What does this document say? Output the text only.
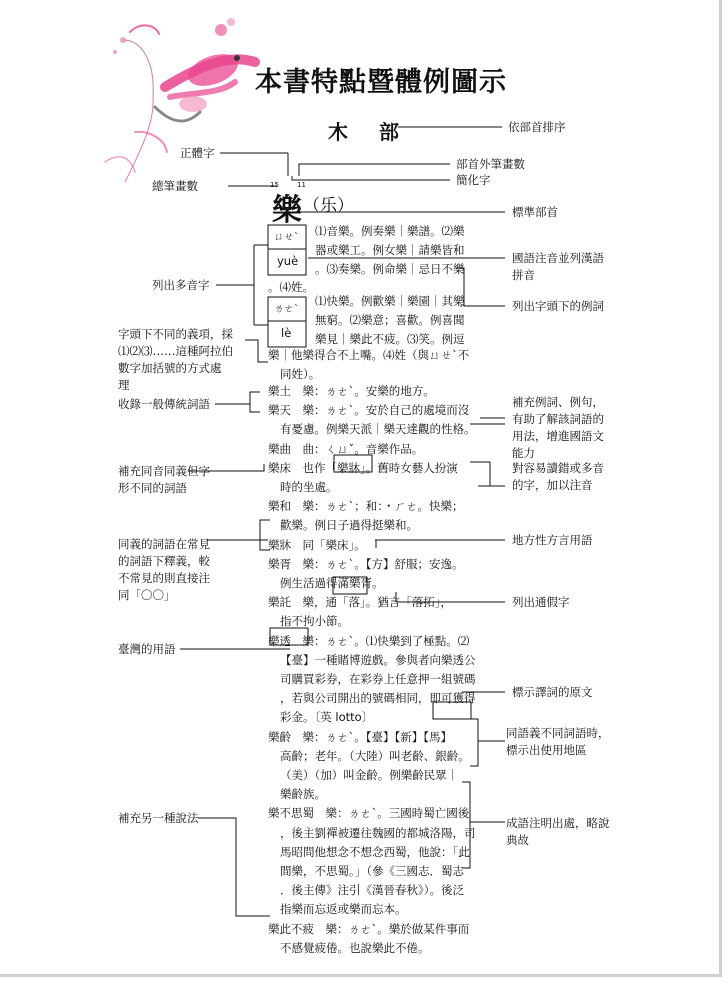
本書特點暨體例圖示
木 部
15	11
樂 （乐）
ㄩㄝˋ
yuè
ㄌㄜˋ
lè
⑴音樂。例奏樂｜樂譜。⑵樂
器或樂工。例女樂｜請樂皆和
。⑶奏樂。例命樂｜忌日不樂
。⑷姓。
⑴快樂。例歡樂｜樂園｜其樂
無窮。⑵樂意；喜歡。例喜聞
樂見｜樂此不疲。⑶笑。例逗
樂｜他樂得合不上嘴。⑷姓（與ㄩㄝˋ不
同姓）。
樂土　樂：ㄌㄜˋ。安樂的地方。
樂天　樂：ㄌㄜˋ。安於自己的處境而沒
有憂慮。例樂天派｜樂天達觀的性格。
樂曲　曲：ㄑㄩˇ。音樂作品。
樂床　也作「樂牀」。舊時女藝人扮演
時的坐處。
樂和　樂：ㄌㄜˋ；和：・ㄏㄜ。快樂；
歡樂。例日子過得挺樂和。
樂牀　同「樂床」。
樂胥　樂：ㄌㄜˋ。【方】舒服；安逸。
例生活過得滿樂胥。
樂託　樂，通「落」。猶言「落拓」，
指不拘小節。
樂透　樂：ㄌㄜˋ。⑴快樂到了極點。⑵
【臺】一種賭博遊戲。參與者向樂透公
司購買彩券，在彩券上任意押一組號碼
，若與公司開出的號碼相同，即可獲得
彩金。〔英 lotto〕
樂齡　樂：ㄌㄜˋ。【臺】【新】【馬】
高齡；老年。（大陸）叫老齡、銀齡。
（美）（加）叫金齡。例樂齡民眾｜
樂齡族。
樂不思蜀　樂：ㄌㄜˋ。三國時蜀亡國後
，後主劉禪被遷往魏國的都城洛陽，司
馬昭問他想念不想念西蜀，他說：「此
間樂，不思蜀。」（參《三國志．蜀志
．後主傳》注引《漢晉春秋》）。後泛
指樂而忘返或樂而忘本。
樂此不疲　樂：ㄌㄜˋ。樂於做某件事而
不感覺疲倦。也說樂此不倦。
正體字
總筆畫數
列出多音字
字頭下不同的義項，採
⑴⑵⑶……這種阿拉伯
數字加括號的方式處
理
收錄一般傳統詞語
補充同音同義但字
形不同的詞語
同義的詞語在常見
的詞語下釋義，較
不常見的則直接注
同「〇〇」
臺灣的用語
補充另一種說法
依部首排序
部首外筆畫數
簡化字
標準部首
國語注音並列漢語
拼音
列出字頭下的例詞
補充例詞、例句，
有助了解該詞語的
用法，增進國語文
能力
對容易讀錯或多音
的字，加以注音
地方性方言用語
列出通假字
標示譯詞的原文
同語義不同詞語時，
標示出使用地區
成語注明出處，略說
典故
